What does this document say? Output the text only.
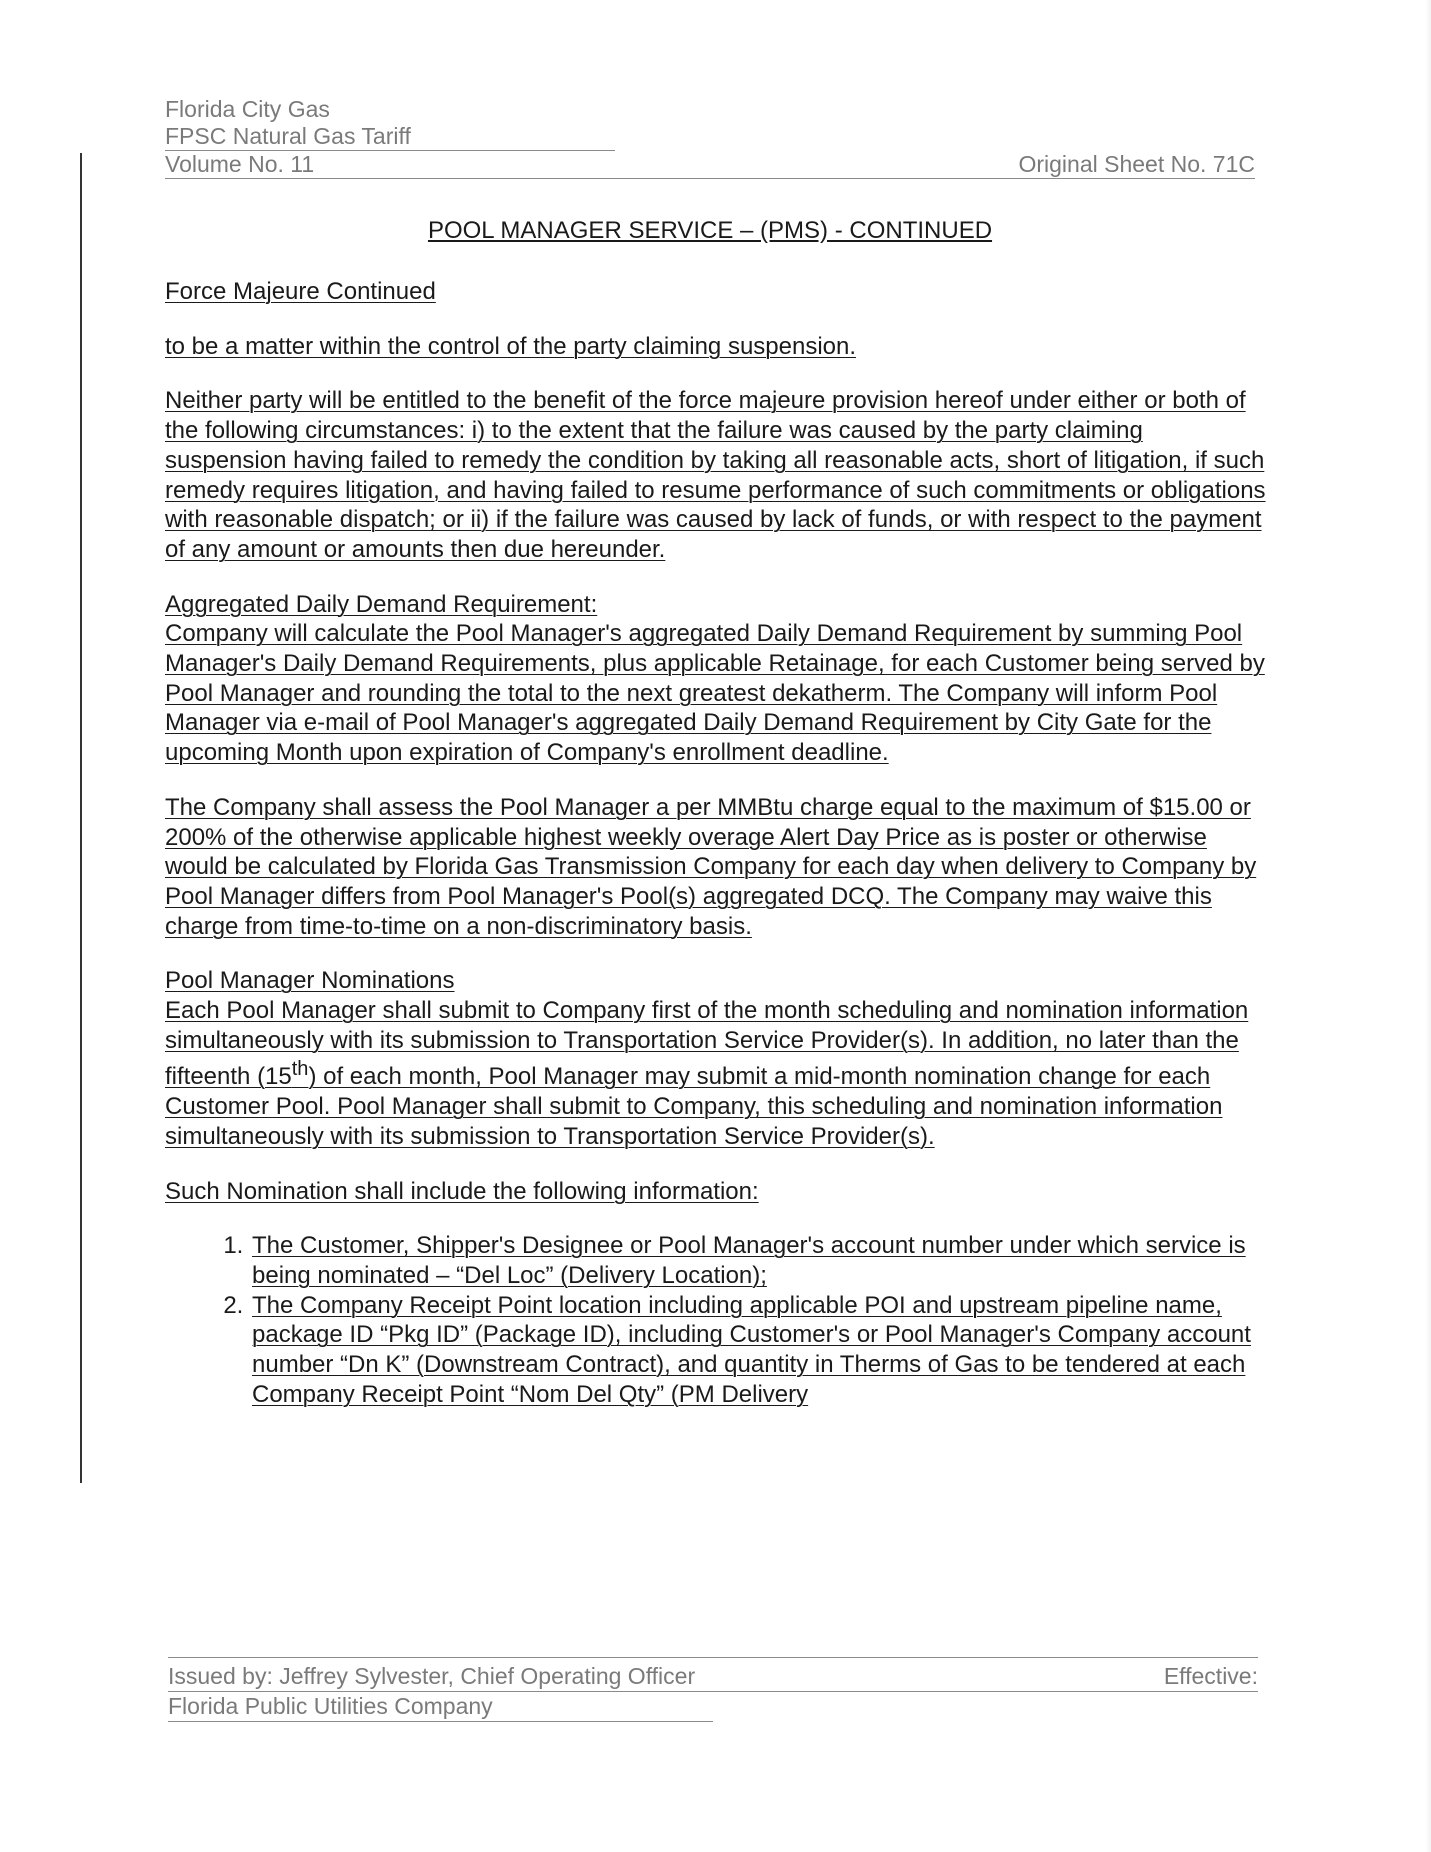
Florida City Gas
FPSC Natural Gas Tariff
Volume No. 11	Original Sheet No. 71C
POOL MANAGER SERVICE – (PMS) - CONTINUED

Force Majeure Continued

to be a matter within the control of the party claiming suspension.

Neither party will be entitled to the benefit of the force majeure provision hereof under either or both of the following circumstances: i) to the extent that the failure was caused by the party claiming suspension having failed to remedy the condition by taking all reasonable acts, short of litigation, if such remedy requires litigation, and having failed to resume performance of such commitments or obligations with reasonable dispatch; or ii) if the failure was caused by lack of funds, or with respect to the payment of any amount or amounts then due hereunder.

Aggregated Daily Demand Requirement:

Company will calculate the Pool Manager's aggregated Daily Demand Requirement by summing Pool Manager's Daily Demand Requirements, plus applicable Retainage, for each Customer being served by Pool Manager and rounding the total to the next greatest dekatherm. The Company will inform Pool Manager via e-mail of Pool Manager's aggregated Daily Demand Requirement by City Gate for the upcoming Month upon expiration of Company's enrollment deadline.

The Company shall assess the Pool Manager a per MMBtu charge equal to the maximum of $15.00 or 200% of the otherwise applicable highest weekly overage Alert Day Price as is poster or otherwise would be calculated by Florida Gas Transmission Company for each day when delivery to Company by Pool Manager differs from Pool Manager's Pool(s) aggregated DCQ. The Company may waive this charge from time-to-time on a non-discriminatory basis.

Pool Manager Nominations

Each Pool Manager shall submit to Company first of the month scheduling and nomination information simultaneously with its submission to Transportation Service Provider(s). In addition, no later than the fifteenth (15th) of each month, Pool Manager may submit a mid-month nomination change for each Customer Pool. Pool Manager shall submit to Company, this scheduling and nomination information simultaneously with its submission to Transportation Service Provider(s).

Such Nomination shall include the following information:

1. The Customer, Shipper's Designee or Pool Manager's account number under which service is being nominated – “Del Loc” (Delivery Location);
2. The Company Receipt Point location including applicable POI and upstream pipeline name, package ID “Pkg ID” (Package ID), including Customer's or Pool Manager's Company account number “Dn K” (Downstream Contract), and quantity in Therms of Gas to be tendered at each Company Receipt Point “Nom Del Qty” (PM Delivery
Issued by: Jeffrey Sylvester, Chief Operating Officer	Effective:
Florida Public Utilities Company
